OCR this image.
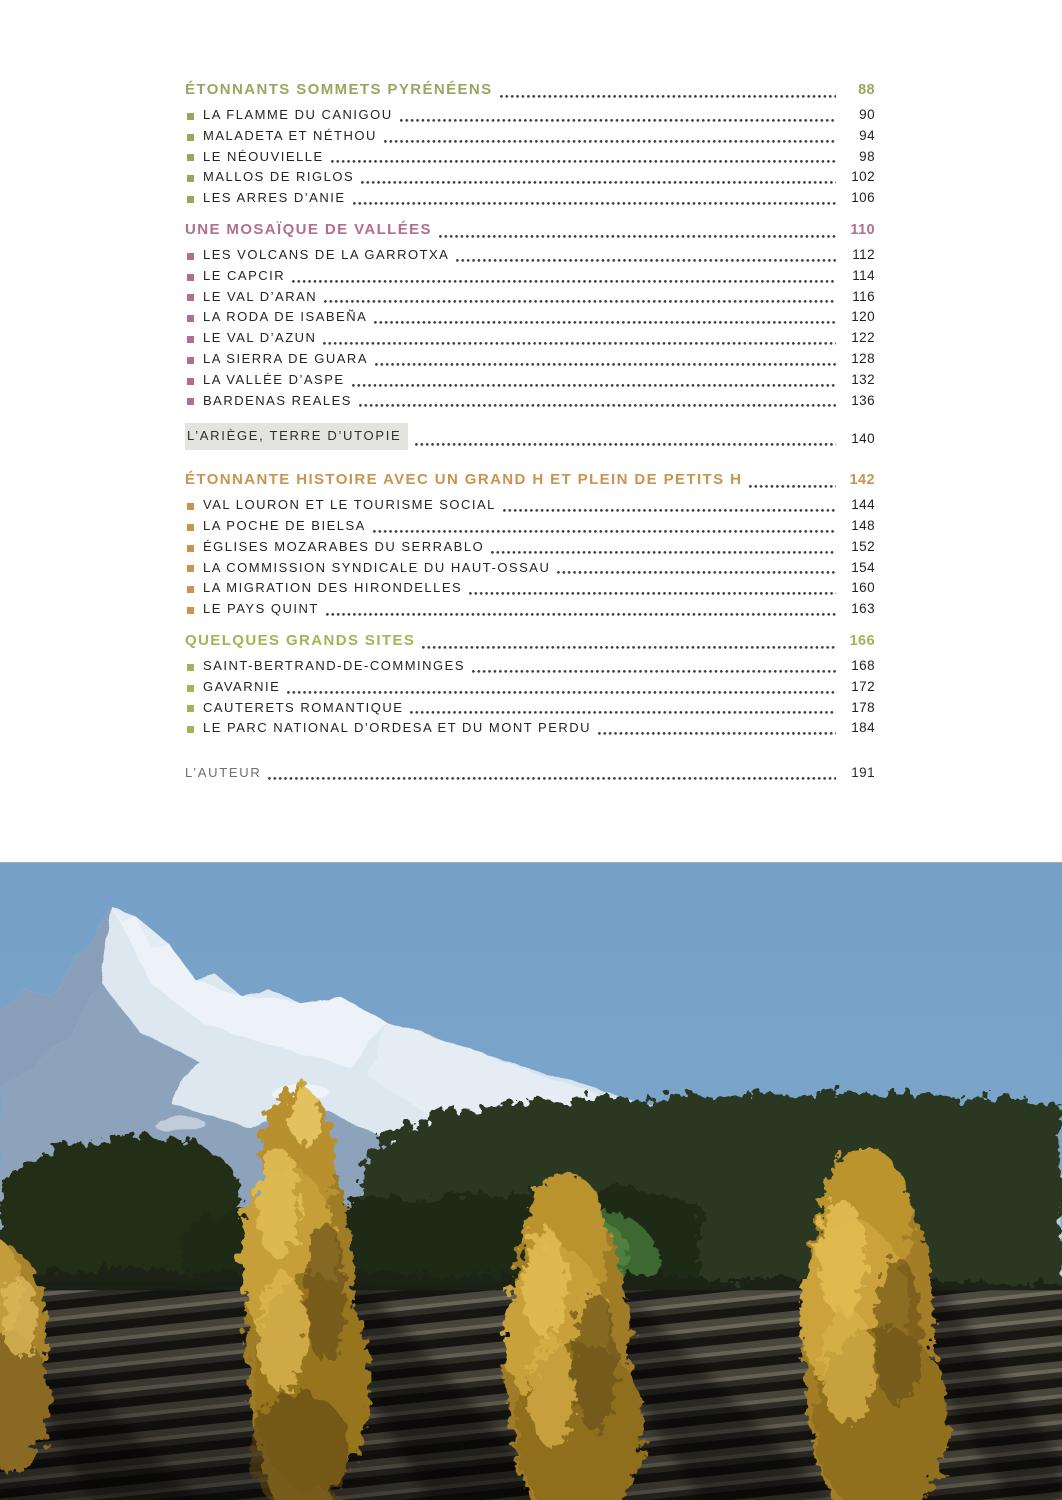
ÉTONNANTS SOMMETS PYRÉNÉENS	88
LA FLAMME DU CANIGOU	90
MALADETA ET NÉTHOU	94
LE NÉOUVIELLE	98
MALLOS DE RIGLOS	102
LES ARRES D’ANIE	106
UNE MOSAÏQUE DE VALLÉES	110
LES VOLCANS DE LA GARROTXA	112
LE CAPCIR	114
LE VAL D’ARAN	116
LA RODA DE ISABEÑA	120
LE VAL D’AZUN	122
LA SIERRA DE GUARA	128
LA VALLÉE D’ASPE	132
BARDENAS REALES	136
L’ARIÈGE, TERRE D’UTOPIE	140
ÉTONNANTE HISTOIRE AVEC UN GRAND H ET PLEIN DE PETITS H	142
VAL LOURON ET LE TOURISME SOCIAL	144
LA POCHE DE BIELSA	148
ÉGLISES MOZARABES DU SERRABLO	152
LA COMMISSION SYNDICALE DU HAUT-OSSAU	154
LA MIGRATION DES HIRONDELLES	160
LE PAYS QUINT	163
QUELQUES GRANDS SITES	166
SAINT-BERTRAND-DE-COMMINGES	168
GAVARNIE	172
CAUTERETS ROMANTIQUE	178
LE PARC NATIONAL D’ORDESA ET DU MONT PERDU	184
L’AUTEUR	191
